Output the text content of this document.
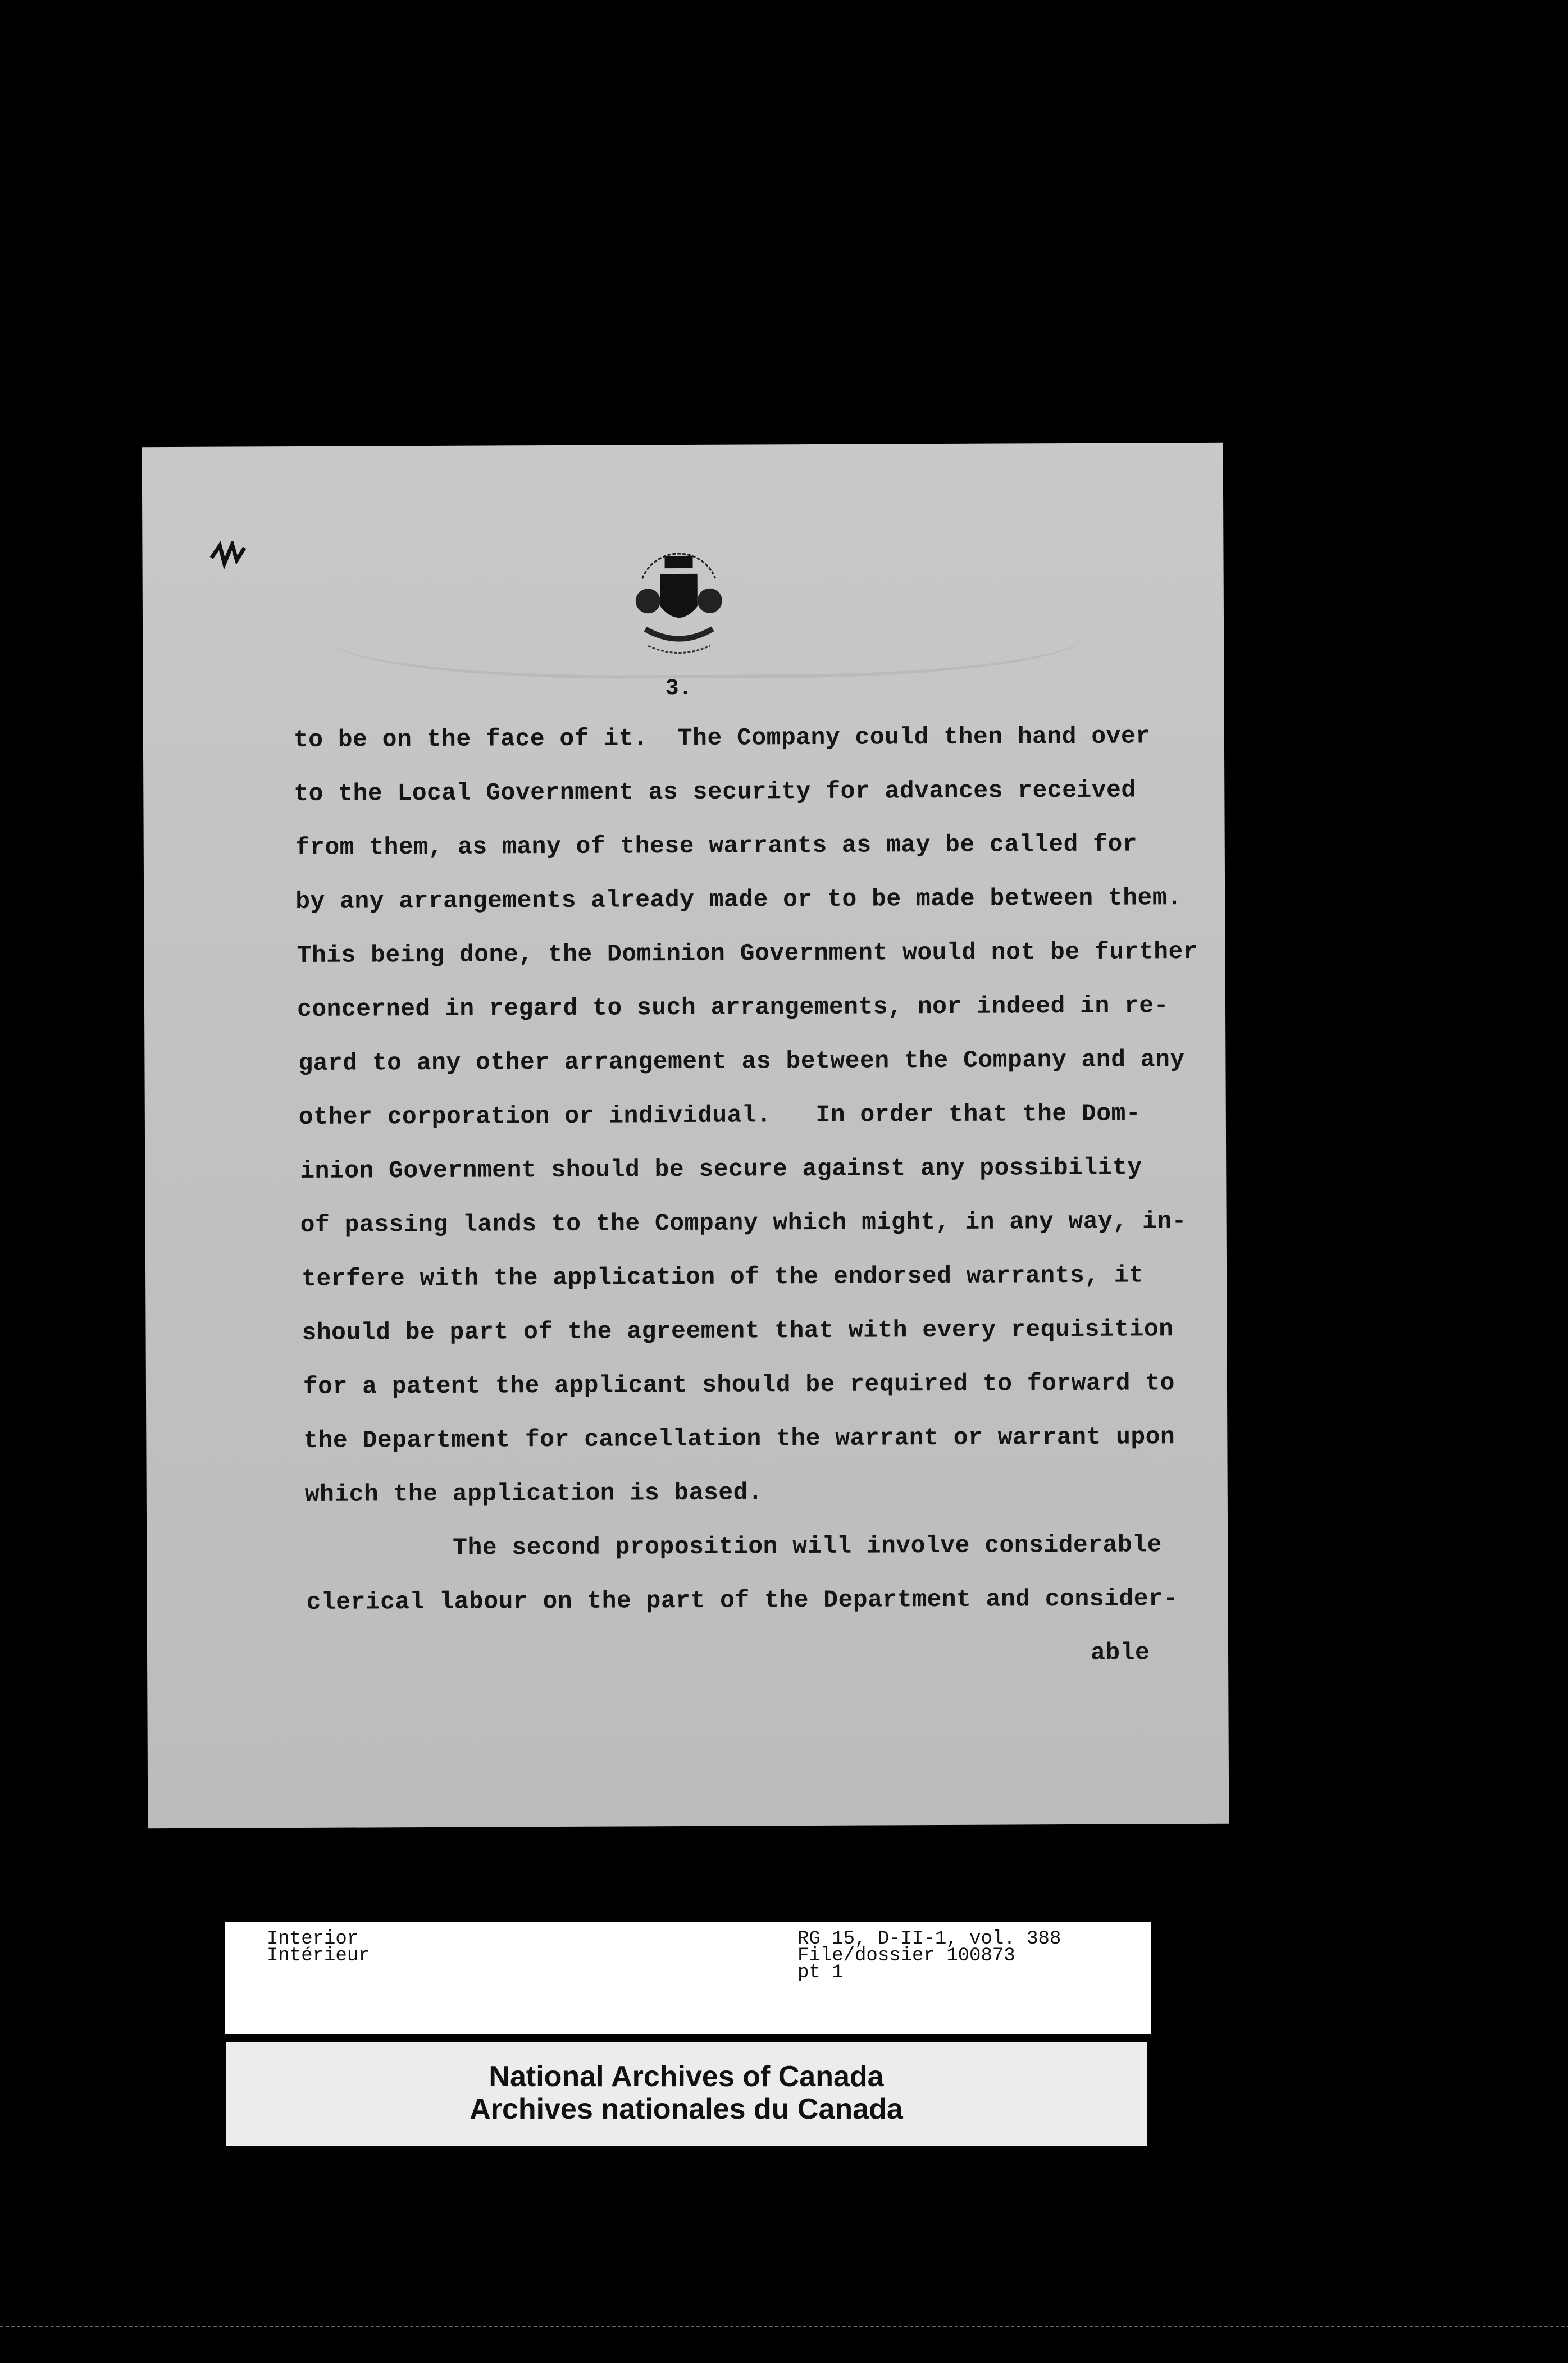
3.
to be on the face of it.  The Company could then hand over
to the Local Government as security for advances received
from them, as many of these warrants as may be called for
by any arrangements already made or to be made between them.
This being done, the Dominion Government would not be further
concerned in regard to such arrangements, nor indeed in re-
gard to any other arrangement as between the Company and any
other corporation or individual.   In order that the Dom-
inion Government should be secure against any possibility
of passing lands to the Company which might, in any way, in-
terfere with the application of the endorsed warrants, it
should be part of the agreement that with every requisition
for a patent the applicant should be required to forward to
the Department for cancellation the warrant or warrant upon
which the application is based.
The second proposition will involve considerable
clerical labour on the part of the Department and consider-
able
Interior
Intérieur
RG 15, D-II-1, vol. 388
File/dossier 100873
pt 1
National Archives of Canada
Archives nationales du Canada
